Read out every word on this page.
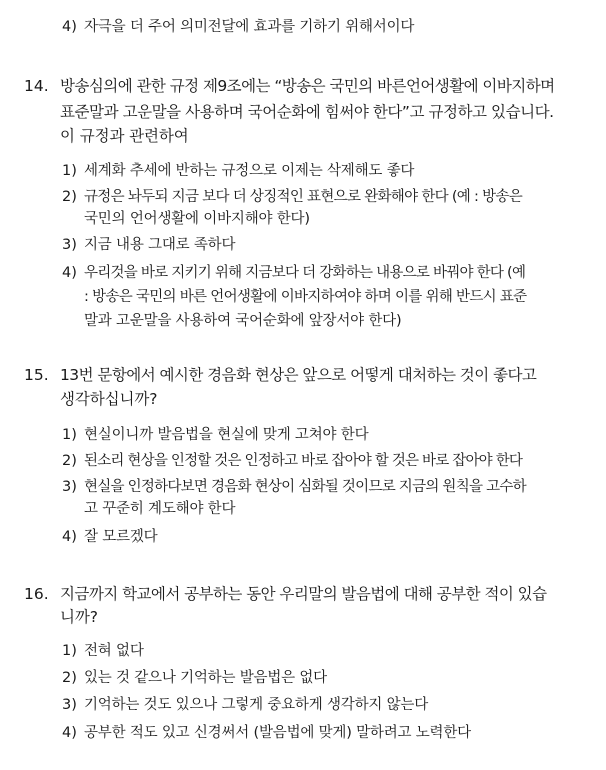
4) 자극을 더 주어 의미전달에 효과를 기하기 위해서이다
14. 방송심의에 관한 규정 제9조에는 “방송은 국민의 바른언어생활에 이바지하며
표준말과 고운말을 사용하며 국어순화에 힘써야 한다”고 규정하고 있습니다.
이 규정과 관련하여
1) 세계화 추세에 반하는 규정으로 이제는 삭제해도 좋다
2) 규정은 놔두되 지금 보다 더 상징적인 표현으로 완화해야 한다 (예 : 방송은
국민의 언어생활에 이바지해야 한다)
3) 지금 내용 그대로 족하다
4) 우리것을 바로 지키기 위해 지금보다 더 강화하는 내용으로 바꿔야 한다 (예
: 방송은 국민의 바른 언어생활에 이바지하여야 하며 이를 위해 반드시 표준
말과 고운말을 사용하여 국어순화에 앞장서야 한다)
15. 13번 문항에서 예시한 경음화 현상은 앞으로 어떻게 대처하는 것이 좋다고
생각하십니까?
1) 현실이니까 발음법을 현실에 맞게 고쳐야 한다
2) 된소리 현상을 인정할 것은 인정하고 바로 잡아야 할 것은 바로 잡아야 한다
3) 현실을 인정하다보면 경음화 현상이 심화될 것이므로 지금의 원칙을 고수하
고 꾸준히 계도해야 한다
4) 잘 모르겠다
16. 지금까지 학교에서 공부하는 동안 우리말의 발음법에 대해 공부한 적이 있습
니까?
1) 전혀 없다
2) 있는 것 같으나 기억하는 발음법은 없다
3) 기억하는 것도 있으나 그렇게 중요하게 생각하지 않는다
4) 공부한 적도 있고 신경써서 (발음법에 맞게) 말하려고 노력한다
